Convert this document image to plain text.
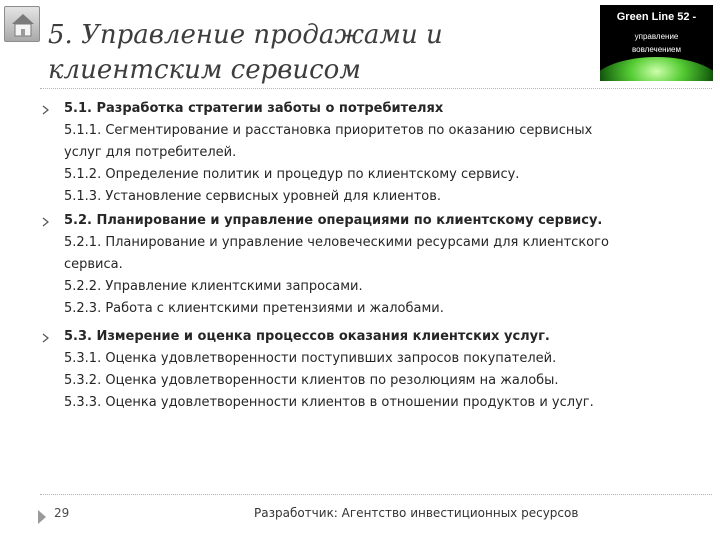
5. Управление продажами и клиентским сервисом
Green Line 52 -
управление
вовлечением
5.1. Разработка стратегии заботы о потребителях
5.1.1. Сегментирование и расстановка приоритетов по оказанию сервисных
услуг для потребителей.
5.1.2. Определение политик и процедур по клиентскому сервису.
5.1.3. Установление сервисных уровней для клиентов.
5.2. Планирование и управление операциями по клиентскому сервису.
5.2.1. Планирование и управление человеческими ресурсами для клиентского
сервиса.
5.2.2. Управление клиентскими запросами.
5.2.3. Работа с клиентскими претензиями и жалобами.
5.3. Измерение и оценка процессов оказания клиентских услуг.
5.3.1. Оценка удовлетворенности поступивших запросов покупателей.
5.3.2. Оценка удовлетворенности клиентов по резолюциям на жалобы.
5.3.3. Оценка удовлетворенности клиентов в отношении продуктов и услуг.
29	Разработчик: Агентство инвестиционных ресурсов
